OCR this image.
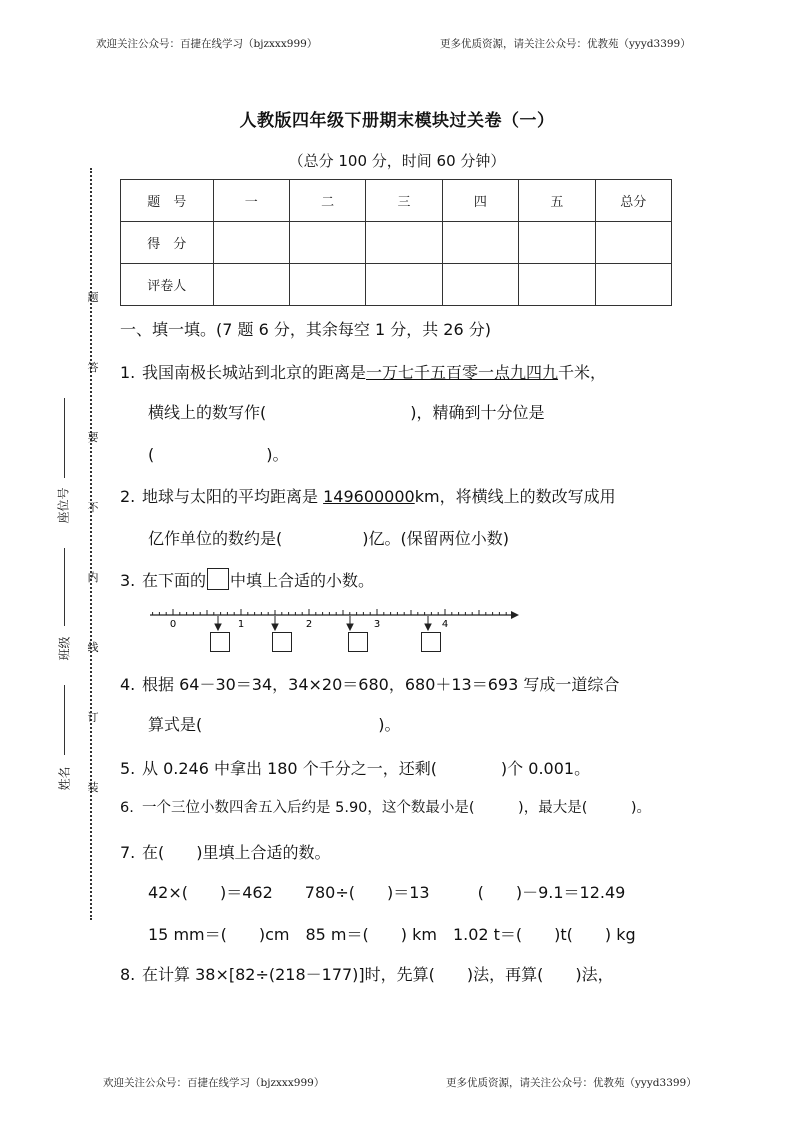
欢迎关注公众号：百捷在线学习（bjzxxx999）	更多优质资源，请关注公众号：优教苑（yyyd3399）
欢迎关注公众号：百捷在线学习（bjzxxx999）	更多优质资源，请关注公众号：优教苑（yyyd3399）
人教版四年级下册期末模块过关卷（一）
（总分 100 分，时间 60 分钟）
题　号	一	二	三	四	五	总分
得　分						
评卷人						
题
答
要
不
内
线
订
装
座位号
班级
姓名
一、填一填。(7 题 6 分，其余每空 1 分，共 26 分)
1. 我国南极长城站到北京的距离是一万七千五百零一点九四九千米，
横线上的数写作(　　　　　　　　　)，精确到十分位是
(　　　　　　　)。
2. 地球与太阳的平均距离是 149600000km，将横线上的数改写成用
亿作单位的数约是(　　　　　)亿。(保留两位小数)
3. 在下面的 中填上合适的小数。
0	1	2	3	4
4. 根据 64－30＝34，34×20＝680，680＋13＝693 写成一道综合
算式是(　　　　　　　　　　　)。
5. 从 0.246 中拿出 180 个千分之一，还剩(　　　　)个 0.001。
6. 一个三位小数四舍五入后约是 5.90，这个数最小是(　　　)，最大是(　　　)。
7. 在(　　)里填上合适的数。
42×(　　)＝462　　780÷(　　)＝13　　　(　　)－9.1＝12.49
15 mm＝(　　)cm　85 m＝(　　) km　1.02 t＝(　　)t(　　) kg
8. 在计算 38×[82÷(218－177)]时，先算(　　)法，再算(　　)法，
